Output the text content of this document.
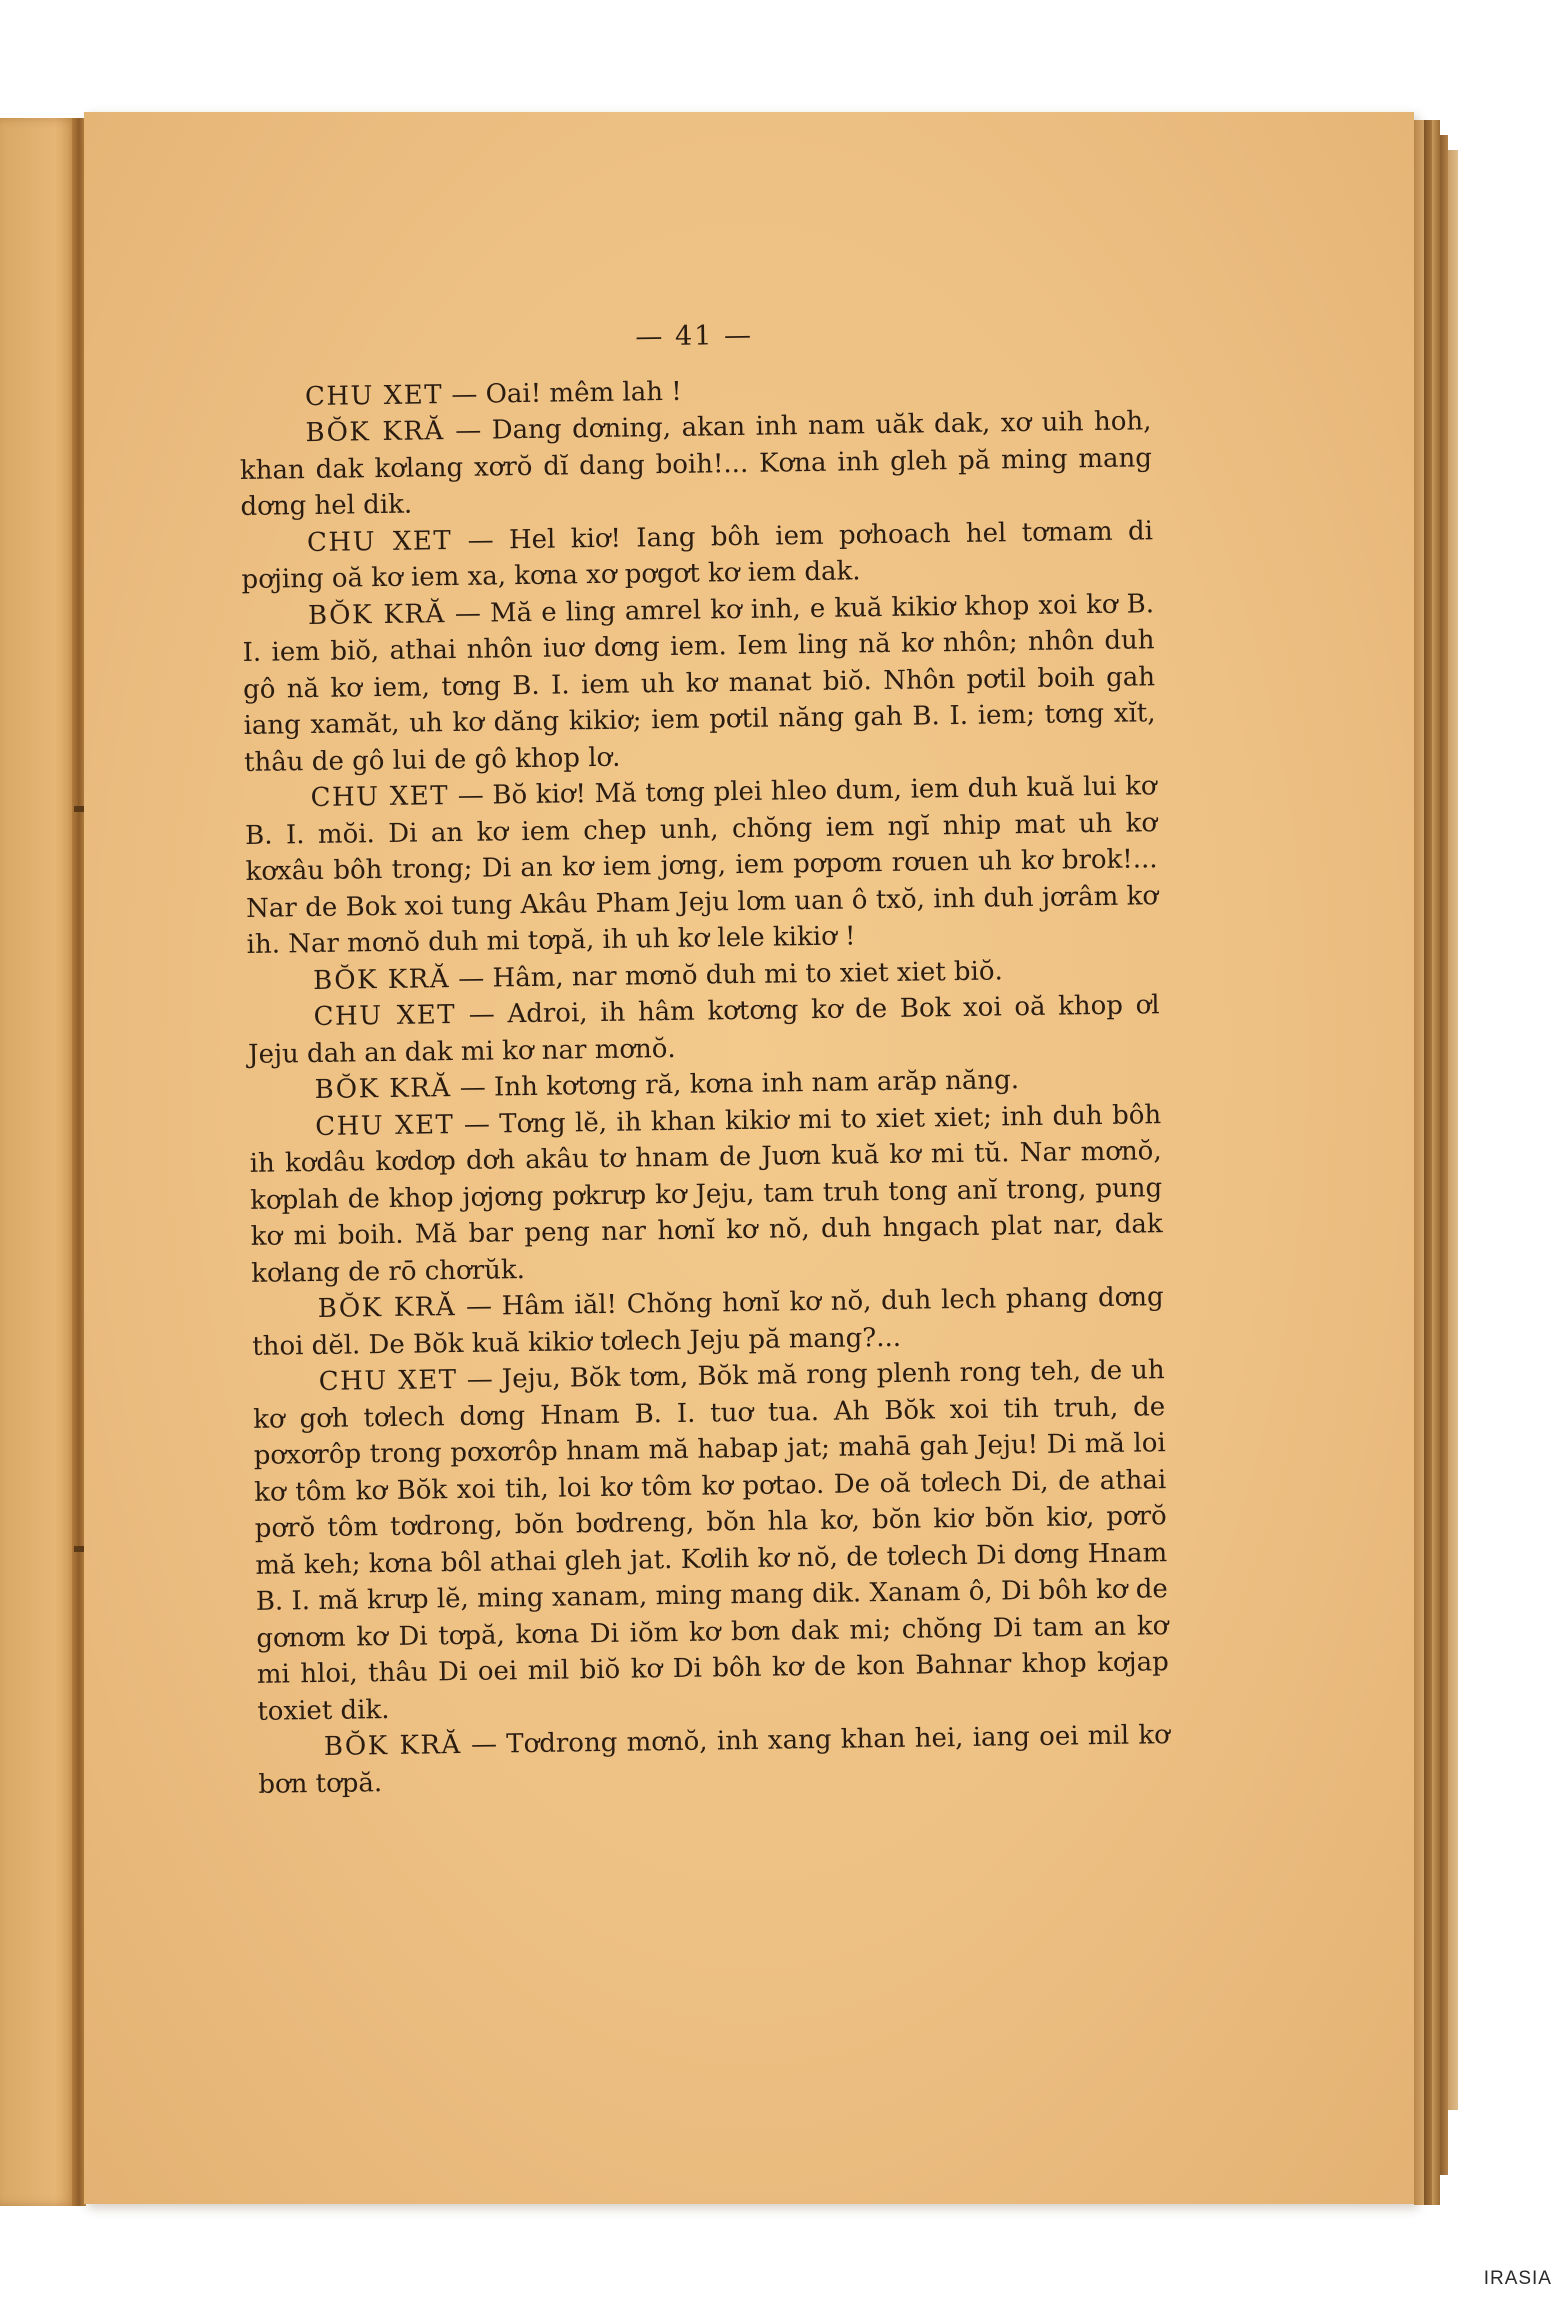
— 41 —

CHU XET — Oai! mêm lah !

BŎK KRĂ — Dang dơning, akan inh nam uăk dak, xơ uih hoh, khan dak kơlang xơrŏ dĭ dang boih!... Kơna inh gleh pă ming mang dơng hel dik.

CHU XET — Hel kiơ! Iang bôh iem pơhoach hel tơmam di pơjing oă kơ iem xa, kơna xơ pơgơt kơ iem dak.

BŎK KRĂ — Mă e ling amrel kơ inh, e kuă kikiơ khop xoi kơ B. I. iem biŏ, athai nhôn iuơ dơng iem. Iem ling nă kơ nhôn; nhôn duh gô nă kơ iem, tơng B. I. iem uh kơ manat biŏ. Nhôn pơtil boih gah iang xamăt, uh kơ dăng kikiơ; iem pơtil năng gah B. I. iem; tơng xĭt, thâu de gô lui de gô khop lơ.

CHU XET — Bŏ kiơ! Mă tơng plei hleo dum, iem duh kuă lui kơ B. I. mŏi. Di an kơ iem chep unh, chŏng iem ngĭ nhip mat uh kơ kơxâu bôh trong; Di an kơ iem jơng, iem pơpơm rơuen uh kơ brok!... Nar de Bok xoi tung Akâu Pham Jeju lơm uan ô txŏ, inh duh jơrâm kơ ih. Nar mơnŏ duh mi tơpă, ih uh kơ lele kikiơ !

BŎK KRĂ — Hâm, nar mơnŏ duh mi to xiet xiet biŏ.

CHU XET — Adroi, ih hâm kơtơng kơ de Bok xoi oă khop ơl Jeju dah an dak mi kơ nar mơnŏ.

BŎK KRĂ — Inh kơtơng ră, kơna inh nam arăp năng.

CHU XET — Tơng lĕ, ih khan kikiơ mi to xiet xiet; inh duh bôh ih kơdâu kơdơp dơh akâu tơ hnam de Juơn kuă kơ mi tŭ. Nar mơnŏ, kơplah de khop jơjơng pơkrưp kơ Jeju, tam truh tong anĭ trong, pung kơ mi boih. Mă bar peng nar hơnĭ kơ nŏ, duh hngach plat nar, dak kơlang de rō chơrŭk.

BŎK KRĂ — Hâm iăl! Chŏng hơnĭ kơ nŏ, duh lech phang dơng thoi dĕl. De Bŏk kuă kikiơ tơlech Jeju pă mang?...

CHU XET — Jeju, Bŏk tơm, Bŏk mă rong plenh rong teh, de uh kơ gơh tơlech dơng Hnam B. I. tuơ tua. Ah Bŏk xoi tih truh, de pơxơrôp trong pơxơrôp hnam mă habap jat; mahā gah Jeju! Di mă loi kơ tôm kơ Bŏk xoi tih, loi kơ tôm kơ pơtao. De oă tơlech Di, de athai pơrŏ tôm tơdrong, bŏn bơdreng, bŏn hla kơ, bŏn kiơ bŏn kiơ, pơrŏ mă keh; kơna bôl athai gleh jat. Kơlih kơ nŏ, de tơlech Di dơng Hnam B. I. mă krưp lĕ, ming xanam, ming mang dik. Xanam ô, Di bôh kơ de gơnơm kơ Di tơpă, kơna Di iŏm kơ bơn dak mi; chŏng Di tam an kơ mi hloi, thâu Di oei mil biŏ kơ Di bôh kơ de kon Bahnar khop kơjap toxiet dik.

BŎK KRĂ — Tơdrong mơnŏ, inh xang khan hei, iang oei mil kơ bơn tơpă.

IRASIA
